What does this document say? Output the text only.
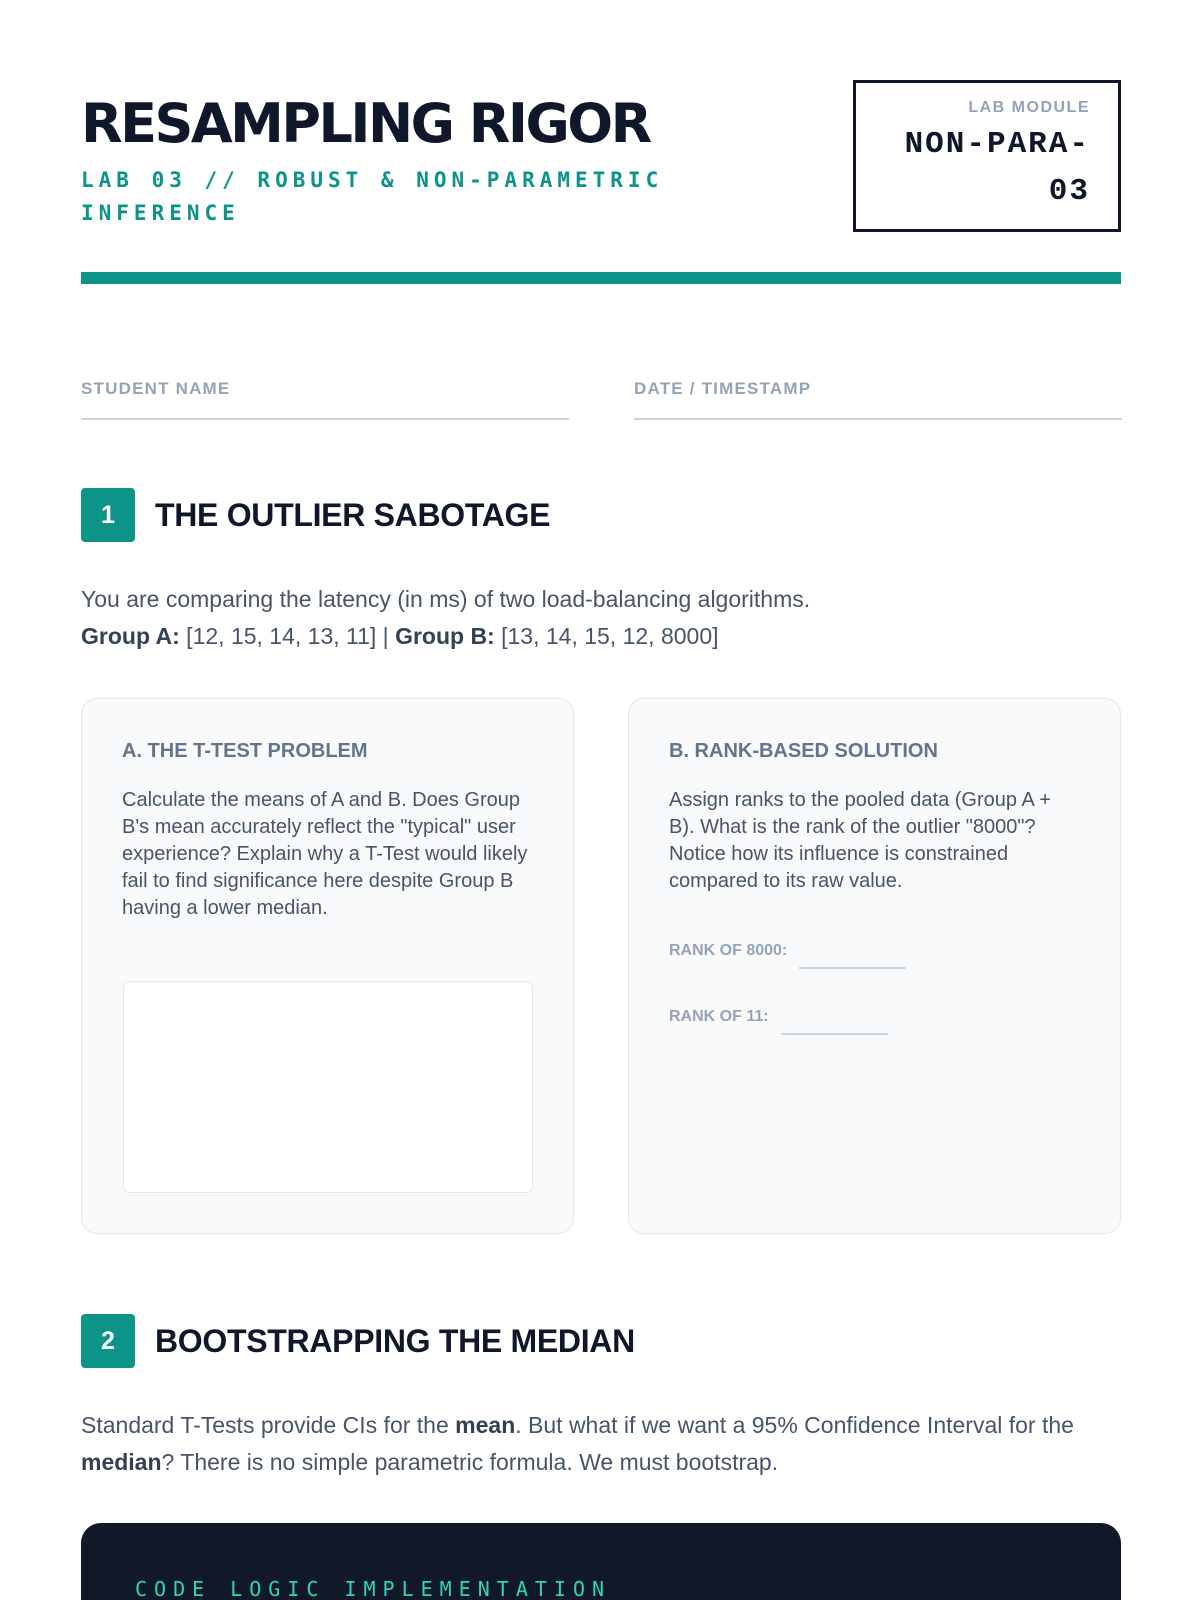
RESAMPLING RIGOR
LAB 03 // ROBUST & NON-PARAMETRIC INFERENCE
LAB MODULE
NON-PARA-
03
STUDENT NAME	DATE / TIMESTAMP
1	THE OUTLIER SABOTAGE
You are comparing the latency (in ms) of two load-balancing algorithms.
Group A: [12, 15, 14, 13, 11] | Group B: [13, 14, 15, 12, 8000]
A. THE T-TEST PROBLEM
Calculate the means of A and B. Does Group B's mean accurately reflect the "typical" user experience? Explain why a T-Test would likely fail to find significance here despite Group B having a lower median.
B. RANK-BASED SOLUTION
Assign ranks to the pooled data (Group A + B). What is the rank of the outlier "8000"? Notice how its influence is constrained compared to its raw value.
RANK OF 8000:
RANK OF 11:
2	BOOTSTRAPPING THE MEDIAN
Standard T-Tests provide CIs for the mean. But what if we want a 95% Confidence Interval for the median? There is no simple parametric formula. We must bootstrap.
CODE LOGIC IMPLEMENTATION
